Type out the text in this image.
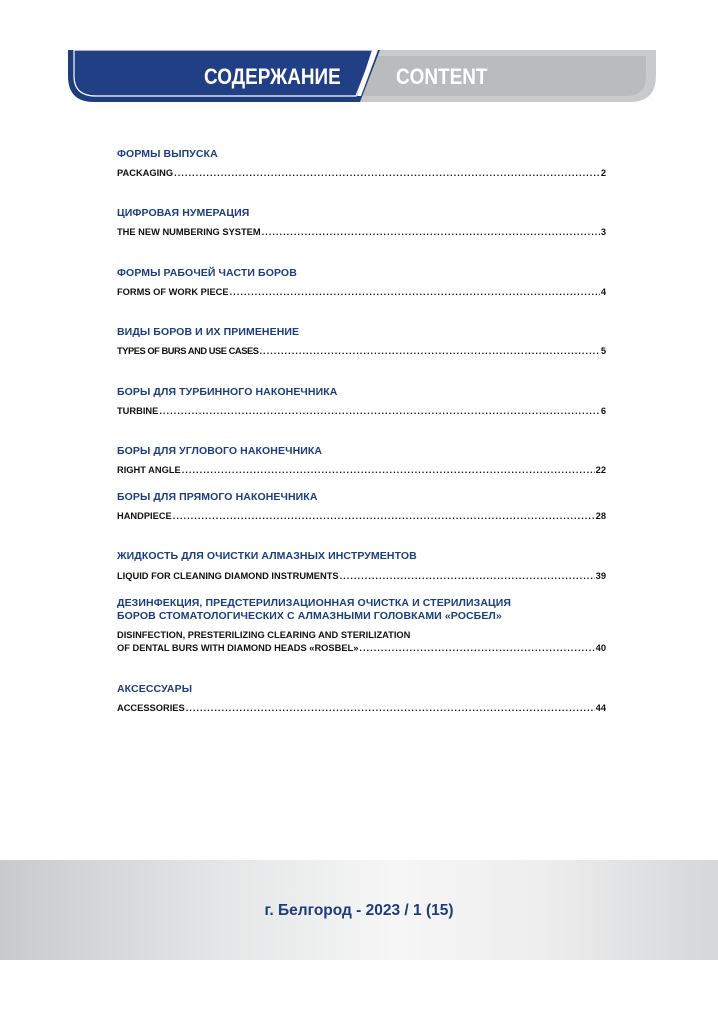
СОДЕРЖАНИЕ	CONTENT
ФОРМЫ ВЫПУСКА
PACKAGING .....	2
ЦИФРОВАЯ НУМЕРАЦИЯ
THE NEW NUMBERING SYSTEM .....	3
ФОРМЫ РАБОЧЕЙ ЧАСТИ БОРОВ
FORMS OF WORK PIECE .....	4
ВИДЫ БОРОВ И ИХ ПРИМЕНЕНИЕ
TYPES OF BURS AND USE CASES .....	5
БОРЫ ДЛЯ ТУРБИННОГО НАКОНЕЧНИКА
TURBINE .....	6
БОРЫ ДЛЯ УГЛОВОГО НАКОНЕЧНИКА
RIGHT ANGLE .....	22
БОРЫ ДЛЯ ПРЯМОГО НАКОНЕЧНИКА
HANDPIECE .....	28
ЖИДКОСТЬ ДЛЯ ОЧИСТКИ АЛМАЗНЫХ ИНСТРУМЕНТОВ
LIQUID FOR CLEANING DIAMOND INSTRUMENTS .....	39
ДЕЗИНФЕКЦИЯ, ПРЕДСТЕРИЛИЗАЦИОННАЯ ОЧИСТКА И СТЕРИЛИЗАЦИЯ
БОРОВ СТОМАТОЛОГИЧЕСКИХ С АЛМАЗНЫМИ ГОЛОВКАМИ «РОСБЕЛ»
DISINFECTION, PRESTERILIZING CLEARING AND STERILIZATION
OF DENTAL BURS WITH DIAMOND HEADS «ROSBEL» .....	40
АКСЕССУАРЫ
ACCESSORIES .....	44
г. Белгород - 2023 / 1 (15)
